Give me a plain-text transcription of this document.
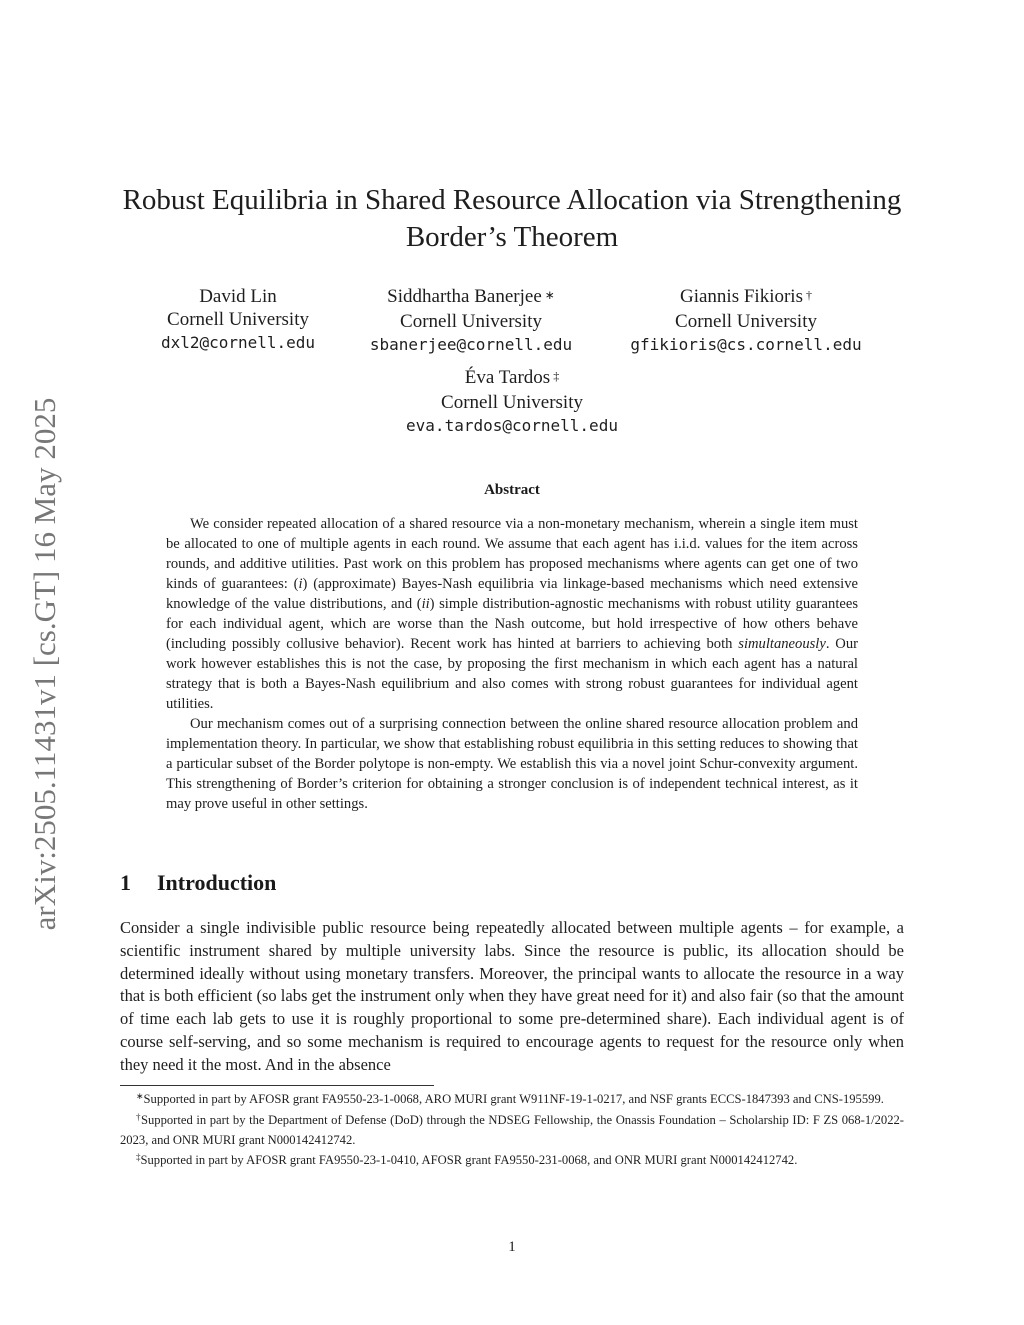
arXiv:2505.11431v1 [cs.GT] 16 May 2025
Robust Equilibria in Shared Resource Allocation via Strengthening Border’s Theorem
David Lin
Cornell University
dxl2@cornell.edu
Siddhartha Banerjee ∗
Cornell University
sbanerjee@cornell.edu
Giannis Fikioris †
Cornell University
gfikioris@cs.cornell.edu
Éva Tardos ‡
Cornell University
eva.tardos@cornell.edu
Abstract

We consider repeated allocation of a shared resource via a non-monetary mechanism, wherein a single item must be allocated to one of multiple agents in each round. We assume that each agent has i.i.d. values for the item across rounds, and additive utilities. Past work on this problem has proposed mechanisms where agents can get one of two kinds of guarantees: (i) (approximate) Bayes-Nash equilibria via linkage-based mechanisms which need extensive knowledge of the value distributions, and (ii) simple distribution-agnostic mechanisms with robust utility guarantees for each individual agent, which are worse than the Nash outcome, but hold irrespective of how others behave (including possibly collusive behavior). Recent work has hinted at barriers to achieving both simultaneously. Our work however establishes this is not the case, by proposing the first mechanism in which each agent has a natural strategy that is both a Bayes-Nash equilibrium and also comes with strong robust guarantees for individual agent utilities.

Our mechanism comes out of a surprising connection between the online shared resource allocation problem and implementation theory. In particular, we show that establishing robust equilibria in this setting reduces to showing that a particular subset of the Border polytope is non-empty. We establish this via a novel joint Schur-convexity argument. This strengthening of Border’s criterion for obtaining a stronger conclusion is of independent technical interest, as it may prove useful in other settings.

1 Introduction

Consider a single indivisible public resource being repeatedly allocated between multiple agents – for example, a scientific instrument shared by multiple university labs. Since the resource is public, its allocation should be determined ideally without using monetary transfers. Moreover, the principal wants to allocate the resource in a way that is both efficient (so labs get the instrument only when they have great need for it) and also fair (so that the amount of time each lab gets to use it is roughly proportional to some pre-determined share). Each individual agent is of course self-serving, and so some mechanism is required to encourage agents to request for the resource only when they need it the most. And in the absence

∗Supported in part by AFOSR grant FA9550-23-1-0068, ARO MURI grant W911NF-19-1-0217, and NSF grants ECCS-1847393 and CNS-195599.

†Supported in part by the Department of Defense (DoD) through the NDSEG Fellowship, the Onassis Foundation – Scholarship ID: F ZS 068-1/2022-2023, and ONR MURI grant N000142412742.

‡Supported in part by AFOSR grant FA9550-23-1-0410, AFOSR grant FA9550-231-0068, and ONR MURI grant N000142412742.

1
